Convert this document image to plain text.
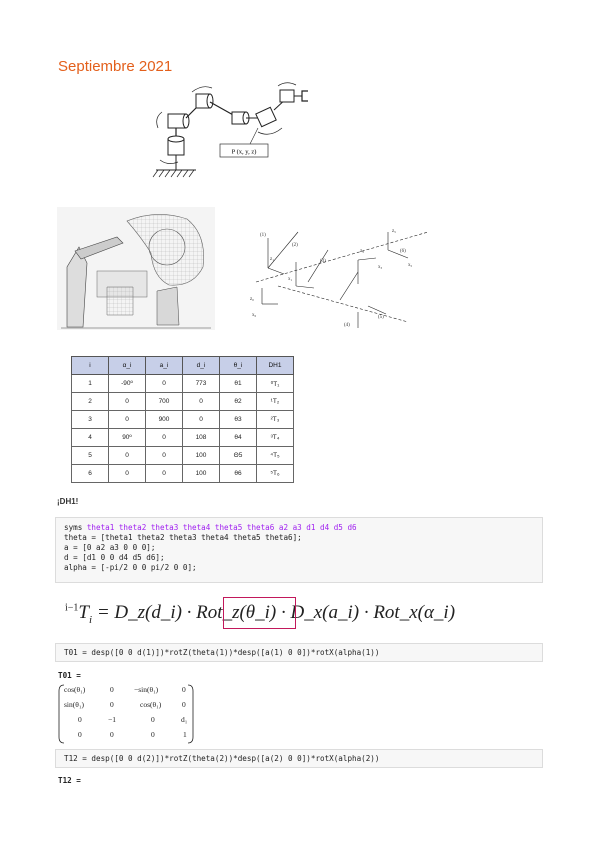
Septiembre 2021
P (x, y, z)
(1)
(2)
(3)
(4)
(5)
(6)
z₁
x₁
z₀
x₀
z₃
x₃
z₅
x₅
i	α_i	a_i	d_i	θ_i	DH1
1	-90º	0	773	θ1	⁰T₁
2	0	700	0	θ2	¹T₂
3	0	900	0	θ3	²T₃
4	90º	0	108	θ4	³T₄
5	0	0	100	Θ5	⁴T₅
6	0	0	100	θ6	⁵T₆
¡DH1!
syms theta1 theta2 theta3 theta4 theta5 theta6 a2 a3 d1 d4 d5 d6
theta = [theta1 theta2 theta3 theta4 theta5 theta6];
a = [0 a2 a3 0 0 0];
d = [d1 0 0 d4 d5 d6];
alpha = [-pi/2 0 0 pi/2 0 0];
$^{i-1}T_i$ = D_z(d_i) · Rot_z(θ_i) · D_x(a_i) · Rot_x(α_i)
T01 = desp([0 0 d(1)])*rotZ(theta(1))*desp([a(1) 0 0])*rotX(alpha(1))
T01 =
cos(θ₁)	0	−sin(θ₁)	0
sin(θ₁)	0	cos(θ₁)	0
0	−1	0	d₁
0	0	0	1
T12 = desp([0 0 d(2)])*rotZ(theta(2))*desp([a(2) 0 0])*rotX(alpha(2))
T12 =
